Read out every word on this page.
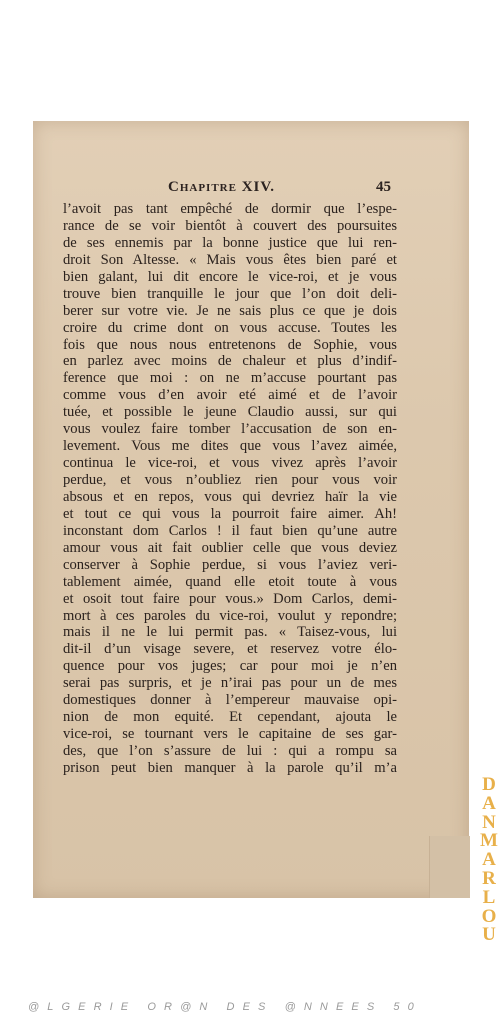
Chapitre XIV.	45
l’avoit pas tant empêché de dormir que l’espe-
rance de se voir bientôt à couvert des poursuites
de ses ennemis par la bonne justice que lui ren-
droit Son Altesse. « Mais vous êtes bien paré et
bien galant, lui dit encore le vice-roi, et je vous
trouve bien tranquille le jour que l’on doit deli-
berer sur votre vie. Je ne sais plus ce que je dois
croire du crime dont on vous accuse. Toutes les
fois que nous nous entretenons de Sophie, vous
en parlez avec moins de chaleur et plus d’indif-
ference que moi : on ne m’accuse pourtant pas
comme vous d’en avoir eté aimé et de l’avoir
tuée, et possible le jeune Claudio aussi, sur qui
vous voulez faire tomber l’accusation de son en-
levement. Vous me dites que vous l’avez aimée,
continua le vice-roi, et vous vivez après l’avoir
perdue, et vous n’oubliez rien pour vous voir
absous et en repos, vous qui devriez haïr la vie
et tout ce qui vous la pourroit faire aimer. Ah!
inconstant dom Carlos ! il faut bien qu’une autre
amour vous ait fait oublier celle que vous deviez
conserver à Sophie perdue, si vous l’aviez veri-
tablement aimée, quand elle etoit toute à vous
et osoit tout faire pour vous.» Dom Carlos, demi-
mort à ces paroles du vice-roi, voulut y repondre;
mais il ne le lui permit pas. « Taisez-vous, lui
dit-il d’un visage severe, et reservez votre élo-
quence pour vos juges; car pour moi je n’en
serai pas surpris, et je n’irai pas pour un de mes
domestiques donner à l’empereur mauvaise opi-
nion de mon equité. Et cependant, ajouta le
vice-roi, se tournant vers le capitaine de ses gar-
des, que l’on s’assure de lui : qui a rompu sa
prison peut bien manquer à la parole qu’il m’a
D
A
N
M
A
R
L
O
U
@LGERIE OR@N DES @NNEES 50
